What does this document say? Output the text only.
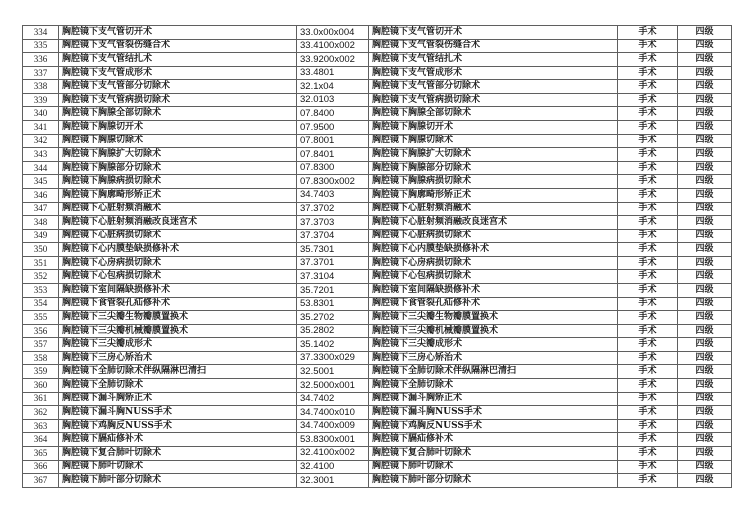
334	胸腔镜下支气管切开术	33.0x00x004	胸腔镜下支气管切开术	手术	四级
335	胸腔镜下支气管裂伤缝合术	33.4100x002	胸腔镜下支气管裂伤缝合术	手术	四级
336	胸腔镜下支气管结扎术	33.9200x002	胸腔镜下支气管结扎术	手术	四级
337	胸腔镜下支气管成形术	33.4801	胸腔镜下支气管成形术	手术	四级
338	胸腔镜下支气管部分切除术	32.1x04	胸腔镜下支气管部分切除术	手术	四级
339	胸腔镜下支气管病损切除术	32.0103	胸腔镜下支气管病损切除术	手术	四级
340	胸腔镜下胸腺全部切除术	07.8400	胸腔镜下胸腺全部切除术	手术	四级
341	胸腔镜下胸腺切开术	07.9500	胸腔镜下胸腺切开术	手术	四级
342	胸腔镜下胸腺切除术	07.8001	胸腔镜下胸腺切除术	手术	四级
343	胸腔镜下胸腺扩大切除术	07.8401	胸腔镜下胸腺扩大切除术	手术	四级
344	胸腔镜下胸腺部分切除术	07.8300	胸腔镜下胸腺部分切除术	手术	四级
345	胸腔镜下胸腺病损切除术	07.8300x002	胸腔镜下胸腺病损切除术	手术	四级
346	胸腔镜下胸廓畸形矫正术	34.7403	胸腔镜下胸廓畸形矫正术	手术	四级
347	胸腔镜下心脏射频消融术	37.3702	胸腔镜下心脏射频消融术	手术	四级
348	胸腔镜下心脏射频消融改良迷宫术	37.3703	胸腔镜下心脏射频消融改良迷宫术	手术	四级
349	胸腔镜下心脏病损切除术	37.3704	胸腔镜下心脏病损切除术	手术	四级
350	胸腔镜下心内膜垫缺损修补术	35.7301	胸腔镜下心内膜垫缺损修补术	手术	四级
351	胸腔镜下心房病损切除术	37.3701	胸腔镜下心房病损切除术	手术	四级
352	胸腔镜下心包病损切除术	37.3104	胸腔镜下心包病损切除术	手术	四级
353	胸腔镜下室间隔缺损修补术	35.7201	胸腔镜下室间隔缺损修补术	手术	四级
354	胸腔镜下食管裂孔疝修补术	53.8301	胸腔镜下食管裂孔疝修补术	手术	四级
355	胸腔镜下三尖瓣生物瓣膜置换术	35.2702	胸腔镜下三尖瓣生物瓣膜置换术	手术	四级
356	胸腔镜下三尖瓣机械瓣膜置换术	35.2802	胸腔镜下三尖瓣机械瓣膜置换术	手术	四级
357	胸腔镜下三尖瓣成形术	35.1402	胸腔镜下三尖瓣成形术	手术	四级
358	胸腔镜下三房心矫治术	37.3300x029	胸腔镜下三房心矫治术	手术	四级
359	胸腔镜下全肺切除术伴纵隔淋巴清扫	32.5001	胸腔镜下全肺切除术伴纵隔淋巴清扫	手术	四级
360	胸腔镜下全肺切除术	32.5000x001	胸腔镜下全肺切除术	手术	四级
361	胸腔镜下漏斗胸矫正术	34.7402	胸腔镜下漏斗胸矫正术	手术	四级
362	胸腔镜下漏斗胸NUSS手术	34.7400x010	胸腔镜下漏斗胸NUSS手术	手术	四级
363	胸腔镜下鸡胸反NUSS手术	34.7400x009	胸腔镜下鸡胸反NUSS手术	手术	四级
364	胸腔镜下膈疝修补术	53.8300x001	胸腔镜下膈疝修补术	手术	四级
365	胸腔镜下复合肺叶切除术	32.4100x002	胸腔镜下复合肺叶切除术	手术	四级
366	胸腔镜下肺叶切除术	32.4100	胸腔镜下肺叶切除术	手术	四级
367	胸腔镜下肺叶部分切除术	32.3001	胸腔镜下肺叶部分切除术	手术	四级
